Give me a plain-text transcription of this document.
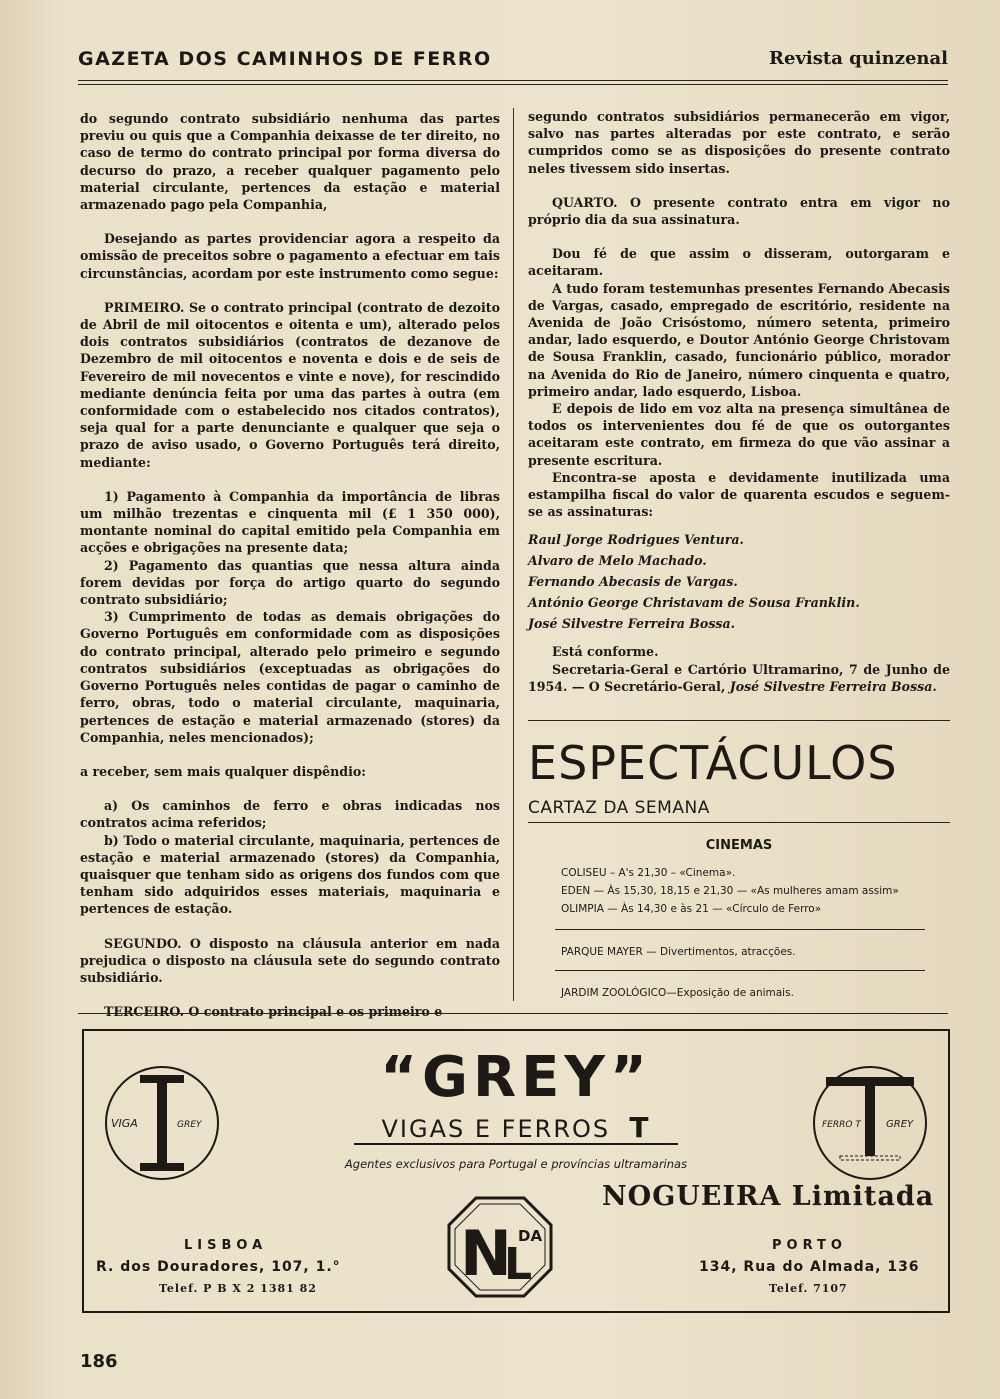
GAZETA DOS CAMINHOS DE FERRO	Revista quinzenal

do segundo contrato subsidiário nenhuma das partes previu ou quis que a Companhia deixasse de ter direito, no caso de termo do contrato principal por forma diversa do decurso do prazo, a receber qualquer pagamento pelo material circulante, pertences da estação e material armazenado pago pela Companhia,

Desejando as partes providenciar agora a respeito da omissão de preceitos sobre o pagamento a efectuar em tais circunstâncias, acordam por este instrumento como segue:

PRIMEIRO. Se o contrato principal (contrato de dezoito de Abril de mil oitocentos e oitenta e um), alterado pelos dois contratos subsidiários (contratos de dezanove de Dezembro de mil oitocentos e noventa e dois e de seis de Fevereiro de mil novecentos e vinte e nove), for rescindido mediante denúncia feita por uma das partes à outra (em conformidade com o estabelecido nos citados contratos), seja qual for a parte denunciante e qualquer que seja o prazo de aviso usado, o Governo Português terá direito, mediante:

1) Pagamento à Companhia da importância de libras um milhão trezentas e cinquenta mil (£ 1 350 000), montante nominal do capital emitido pela Companhia em acções e obrigações na presente data;

2) Pagamento das quantias que nessa altura ainda forem devidas por força do artigo quarto do segundo contrato subsidiário;

3) Cumprimento de todas as demais obrigações do Governo Português em conformidade com as disposições do contrato principal, alterado pelo primeiro e segundo contratos subsidiários (exceptuadas as obrigações do Governo Português neles contidas de pagar o caminho de ferro, obras, todo o material circulante, maquinaria, pertences de estação e material armazenado (stores) da Companhia, neles mencionados);

a receber, sem mais qualquer dispêndio:

a) Os caminhos de ferro e obras indicadas nos contratos acima referidos;

b) Todo o material circulante, maquinaria, pertences de estação e material armazenado (stores) da Companhia, quaisquer que tenham sido as origens dos fundos com que tenham sido adquiridos esses materiais, maquinaria e pertences de estação.

SEGUNDO. O disposto na cláusula anterior em nada prejudica o disposto na cláusula sete do segundo contrato subsidiário.

TERCEIRO. O contrato principal e os primeiro e

segundo contratos subsidiários permanecerão em vigor, salvo nas partes alteradas por este contrato, e serão cumpridos como se as disposições do presente contrato neles tivessem sido insertas.

QUARTO. O presente contrato entra em vigor no próprio dia da sua assinatura.

Dou fé de que assim o disseram, outorgaram e aceitaram.

A tudo foram testemunhas presentes Fernando Abecasis de Vargas, casado, empregado de escritório, residente na Avenida de João Crisóstomo, número setenta, primeiro andar, lado esquerdo, e Doutor António George Christovam de Sousa Franklin, casado, funcionário público, morador na Avenida do Rio de Janeiro, número cinquenta e quatro, primeiro andar, lado esquerdo, Lisboa.

E depois de lido em voz alta na presença simultânea de todos os intervenientes dou fé de que os outorgantes aceitaram este contrato, em firmeza do que vão assinar a presente escritura.

Encontra-se aposta e devidamente inutilizada uma estampilha fiscal do valor de quarenta escudos e seguem-se as assinaturas:

Raul Jorge Rodrigues Ventura.

Alvaro de Melo Machado.

Fernando Abecasis de Vargas.

António George Christavam de Sousa Franklin.

José Silvestre Ferreira Bossa.

Está conforme.

Secretaria-Geral e Cartório Ultramarino, 7 de Junho de 1954. — O Secretário-Geral, José Silvestre Ferreira Bossa.

ESPECTÁCULOS
CARTAZ DA SEMANA
CINEMAS
COLISEU – A's 21,30 – «Cinema».
EDEN — Às 15,30, 18,15 e 21,30 — «As mulheres amam assim»
OLIMPIA — Às 14,30 e às 21 — «Círculo de Ferro»
PARQUE MAYER — Divertimentos, atracções.
JARDIM ZOOLÓGICO—Exposição de animais.
VIGA	GREY
“GREY”
VIGAS E FERROS T
Agentes exclusivos para Portugal e províncias ultramarinas
NOGUEIRA Limitada
FERRO T	GREY
N
L
DA
LISBOA
R. dos Douradores, 107, 1.°
Telef. P B X 2 1381 82
PORTO
134, Rua do Almada, 136
Telef. 7107
186
